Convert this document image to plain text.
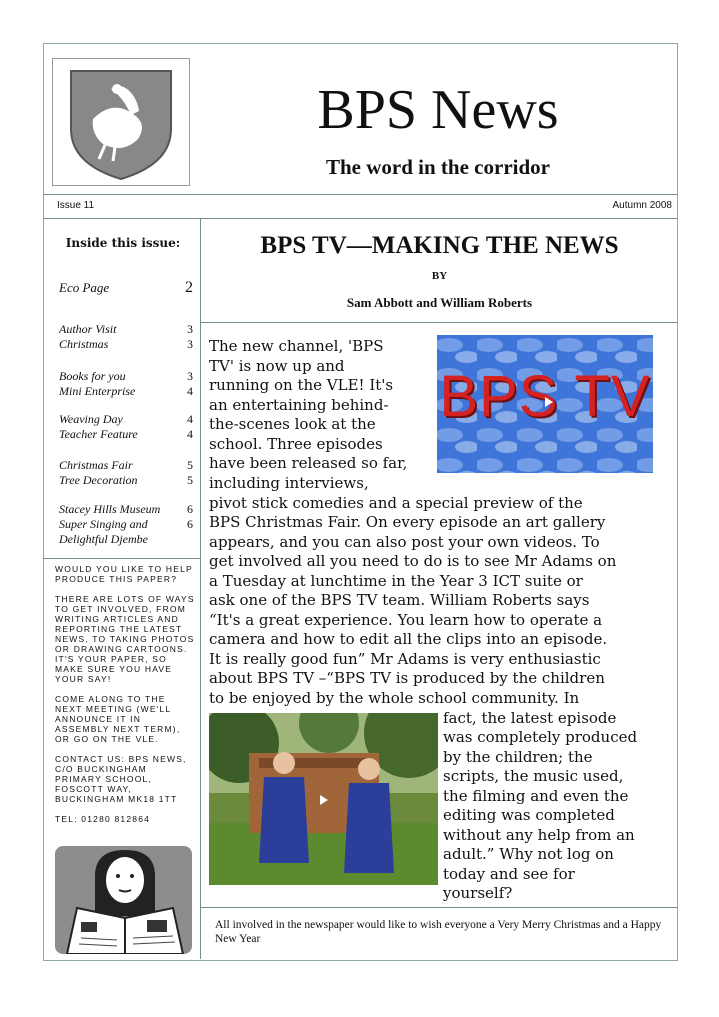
BPS News
The word in the corridor
Issue 11	Autumn 2008
Inside this issue:
Eco Page	2
Author Visit	3
Christmas	3
Books for you	3
Mini Enterprise	4
Weaving Day	4
Teacher Feature	4
Christmas Fair	5
Tree Decoration	5
Stacey Hills Museum 6
Super Singing and	6
Delightful Djembe

WOULD YOU LIKE TO HELP PRODUCE THIS PAPER?

THERE ARE LOTS OF WAYS TO GET INVOLVED, FROM WRITING ARTICLES AND REPORTING THE LATEST NEWS, TO TAKING PHOTOS OR DRAWING CARTOONS. IT'S YOUR PAPER, SO MAKE SURE YOU HAVE YOUR SAY!

COME ALONG TO THE NEXT MEETING (WE'LL ANNOUNCE IT IN ASSEMBLY NEXT TERM), OR GO ON THE VLE.

CONTACT US: BPS NEWS, C/O BUCKINGHAM PRIMARY SCHOOL, FOSCOTT WAY, BUCKINGHAM MK18 1TT

TEL: 01280 812864

BPS TV—MAKING THE NEWS
BY
Sam Abbott and William Roberts
BPS TV
The new channel, 'BPS
TV' is now up and
running on the VLE! It's
an entertaining behind-
the-scenes look at the
school. Three episodes
have been released so far,
including interviews,
pivot stick comedies and a special preview of the
BPS Christmas Fair. On every episode an art gallery
appears, and you can also post your own videos. To
get involved all you need to do is to see Mr Adams on
a Tuesday at lunchtime in the Year 3 ICT suite or
ask one of the BPS TV team. William Roberts says
“It's a great experience. You learn how to operate a
camera and how to edit all the clips into an episode.
It is really good fun” Mr Adams is very enthusiastic
about BPS TV –“BPS TV is produced by the children
to be enjoyed by the whole school community. In
fact, the latest episode
was completely produced
by the children; the
scripts, the music used,
the filming and even the
editing was completed
without any help from an
adult.” Why not log on
today and see for
yourself?
All involved in the newspaper would like to wish everyone a Very Merry Christmas and a Happy New Year
